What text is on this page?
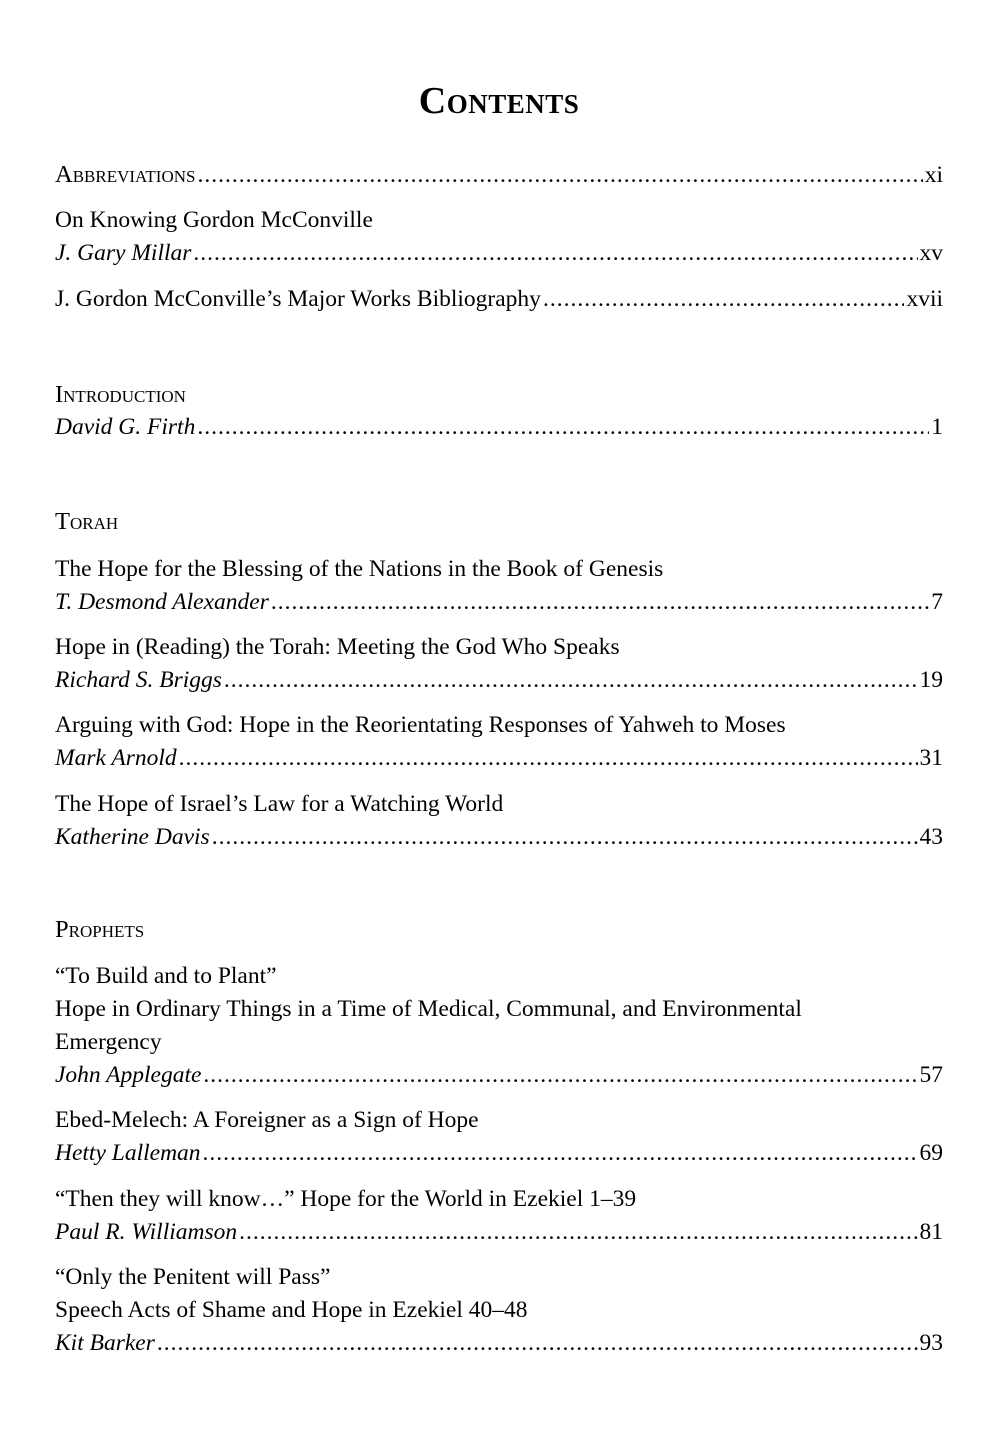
Contents
Abbreviations .....	xi
On Knowing Gordon McConville
J. Gary Millar .....	xv
J. Gordon McConville’s Major Works Bibliography .....	xvii
Introduction
David G. Firth .....	1
Torah
The Hope for the Blessing of the Nations in the Book of Genesis
T. Desmond Alexander .....	7
Hope in (Reading) the Torah: Meeting the God Who Speaks
Richard S. Briggs .....	19
Arguing with God: Hope in the Reorientating Responses of Yahweh to Moses
Mark Arnold .....	31
The Hope of Israel’s Law for a Watching World
Katherine Davis .....	43
Prophets
“To Build and to Plant”
Hope in Ordinary Things in a Time of Medical, Communal, and Environmental
Emergency
John Applegate .....	57
Ebed-Melech: A Foreigner as a Sign of Hope
Hetty Lalleman .....	69
“Then they will know…” Hope for the World in Ezekiel 1–39
Paul R. Williamson .....	81
“Only the Penitent will Pass”
Speech Acts of Shame and Hope in Ezekiel 40–48
Kit Barker .....	93
